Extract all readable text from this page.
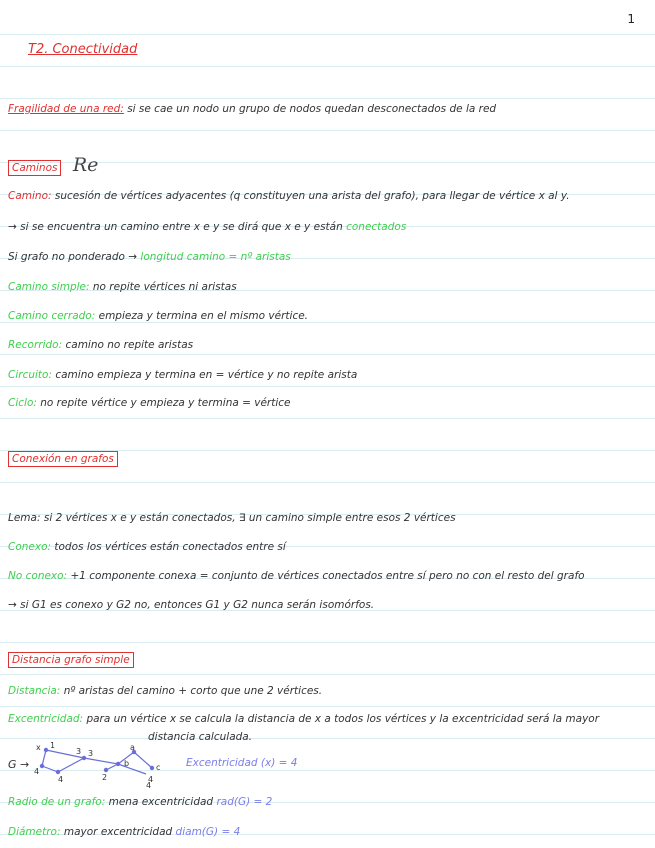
1
T2. Conectividad
Fragilidad de una red: si se cae un nodo un grupo de nodos quedan desconectados de la red
Caminos Re
Camino: sucesión de vértices adyacentes (q constituyen una arista del grafo), para llegar de vértice x al y.
→ si se encuentra un camino entre x e y se dirá que x e y están conectados
Si grafo no ponderado → longitud camino = nº aristas
Camino simple: no repite vértices ni aristas
Camino cerrado: empieza y termina en el mismo vértice.
Recorrido: camino no repite aristas
Circuito: camino empieza y termina en = vértice y no repite arista
Ciclo: no repite vértice y empieza y termina = vértice
Conexión en grafos
Lema: si 2 vértices x e y están conectados, ∃ un camino simple entre esos 2 vértices
Conexo: todos los vértices están conectados entre sí
No conexo: +1 componente conexa = conjunto de vértices conectados entre sí pero no con el resto del grafo
→ si G1 es conexo y G2 no, entonces G1 y G2 nunca serán isomórfos.
Distancia grafo simple
Distancia: nº aristas del camino + corto que une 2 vértices.
Excentricidad: para un vértice x se calcula la distancia de x a todos los vértices y la excentricidad será la mayor
distancia calculada.
G →
x	a
b	c
4
3 3
4	2	4
4
1
Excentricidad (x) = 4
Radio de un grafo: mena excentricidad rad(G) = 2
Diámetro: mayor excentricidad diam(G) = 4
